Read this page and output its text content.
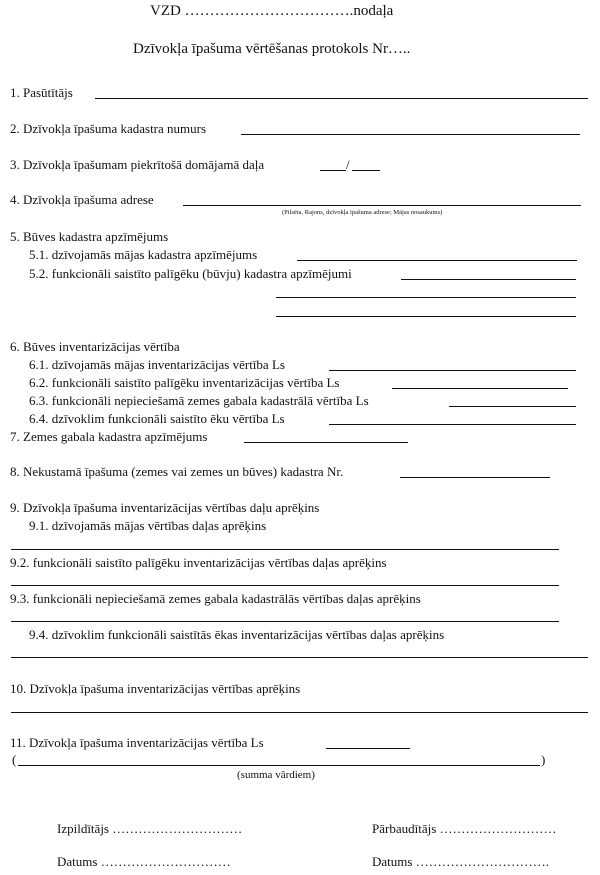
VZD …………………………….nodaļa
Dzīvokļa īpašuma vērtēšanas protokols Nr…..
1. Pasūtītājs
2. Dzīvokļa īpašuma kadastra numurs
3. Dzīvokļa īpašumam piekrītošā domājamā daļa	/
4. Dzīvokļa īpašuma adrese
(Pilsēta, Rajons, dzīvokļa īpašuma adrese; Mājas nosaukums)
5. Būves kadastra apzīmējums
5.1. dzīvojamās mājas kadastra apzīmējums
5.2. funkcionāli saistīto palīgēku (būvju) kadastra apzīmējumi
6. Būves inventarizācijas vērtība
6.1. dzīvojamās mājas inventarizācijas vērtība Ls
6.2. funkcionāli saistīto palīgēku inventarizācijas vērtība Ls
6.3. funkcionāli nepieciešamā zemes gabala kadastrālā vērtība Ls
6.4. dzīvoklim funkcionāli saistīto ēku vērtība Ls
7. Zemes gabala kadastra apzīmējums
8. Nekustamā īpašuma (zemes vai zemes un būves) kadastra Nr.
9. Dzīvokļa īpašuma inventarizācijas vērtības daļu aprēķins
9.1. dzīvojamās mājas vērtības daļas aprēķins
9.2. funkcionāli saistīto palīgēku inventarizācijas vērtības daļas aprēķins
9.3. funkcionāli nepieciešamā zemes gabala kadastrālās vērtības daļas aprēķins
9.4. dzīvoklim funkcionāli saistītās ēkas inventarizācijas vērtības daļas aprēķins
10. Dzīvokļa īpašuma inventarizācijas vērtības aprēķins
11. Dzīvokļa īpašuma inventarizācijas vērtība Ls
(	)
(summa vārdiem)
Izpildītājs …………………………	Pārbaudītājs ………………………
Datums …………………………	Datums ………………………….
